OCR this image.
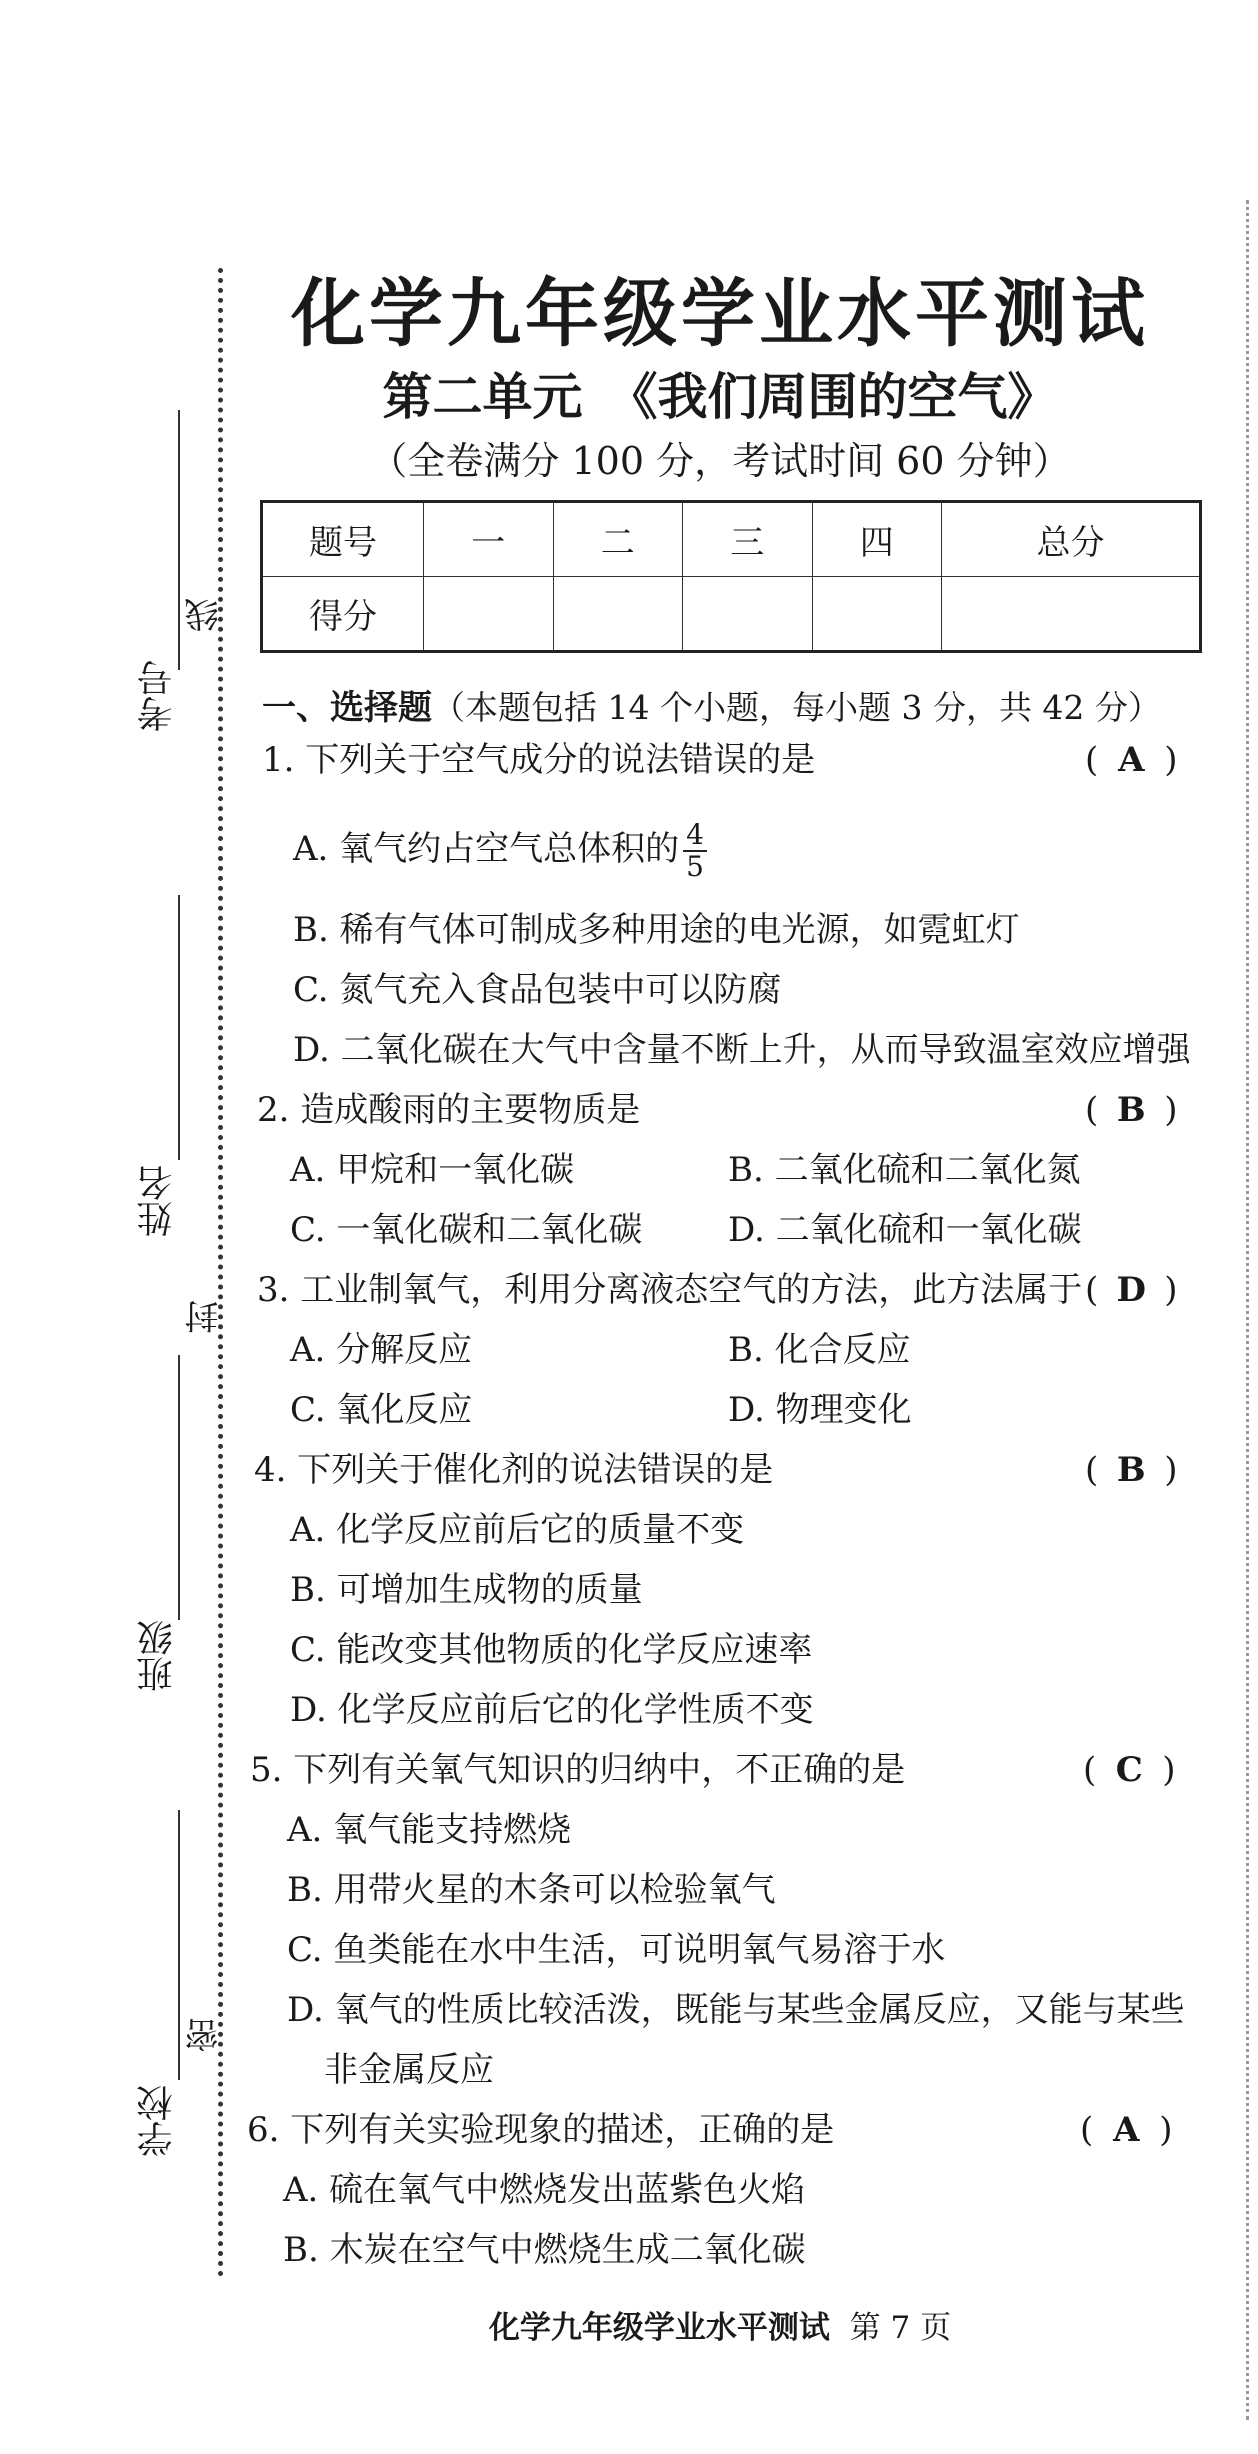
考号
线
姓名
封
班级
学校
密
化学九年级学业水平测试
第二单元　《我们周围的空气》
（全卷满分 100 分，考试时间 60 分钟）
题号	一	二	三	四	总分
得分					
一、选择题（本题包括 14 个小题，每小题 3 分，共 42 分）
1. 下列关于空气成分的说法错误的是	( A )
A. 氧气约占空气总体积的 $\frac{4}{5}$
B. 稀有气体可制成多种用途的电光源，如霓虹灯
C. 氮气充入食品包装中可以防腐
D. 二氧化碳在大气中含量不断上升，从而导致温室效应增强
2. 造成酸雨的主要物质是	( B )
A. 甲烷和一氧化碳	B. 二氧化硫和二氧化氮
C. 一氧化碳和二氧化碳	D. 二氧化硫和一氧化碳
3. 工业制氧气，利用分离液态空气的方法，此方法属于 ( D )
A. 分解反应	B. 化合反应
C. 氧化反应	D. 物理变化
4. 下列关于催化剂的说法错误的是	( B )
A. 化学反应前后它的质量不变
B. 可增加生成物的质量
C. 能改变其他物质的化学反应速率
D. 化学反应前后它的化学性质不变
5. 下列有关氧气知识的归纳中，不正确的是	( C )
A. 氧气能支持燃烧
B. 用带火星的木条可以检验氧气
C. 鱼类能在水中生活，可说明氧气易溶于水
D. 氧气的性质比较活泼，既能与某些金属反应，又能与某些
非金属反应
6. 下列有关实验现象的描述，正确的是	( A )
A. 硫在氧气中燃烧发出蓝紫色火焰
B. 木炭在空气中燃烧生成二氧化碳
化学九年级学业水平测试 第 7 页
